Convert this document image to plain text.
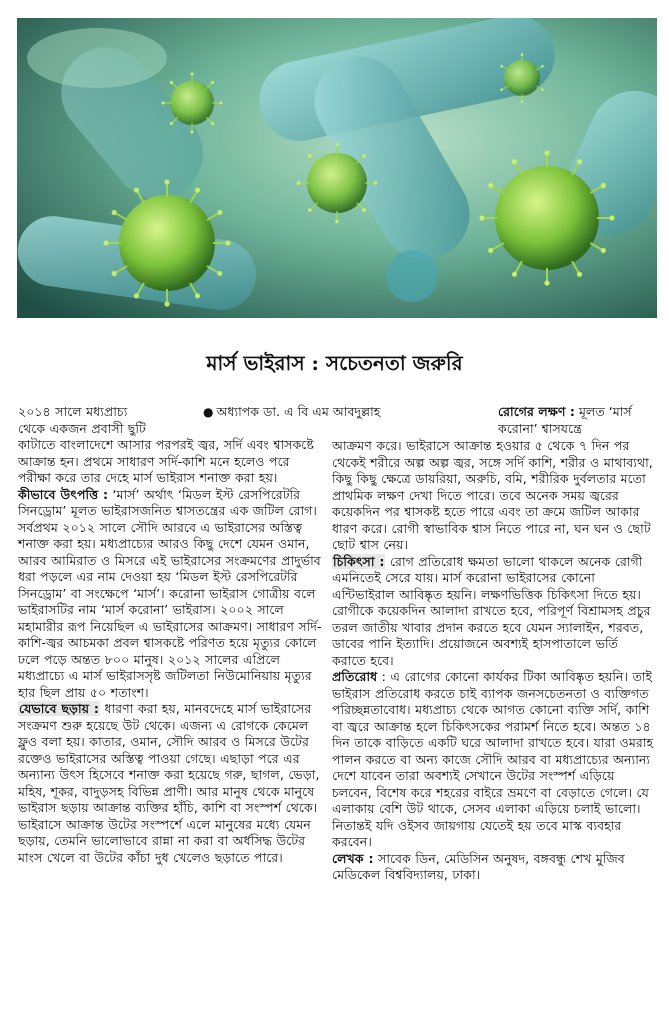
মার্স ভাইরাস : সচেতনতা জরুরি
● অধ্যাপক ডা. এ বি এম আবদুল্লাহ	রোগের লক্ষণ : মূলত ‘মার্স করোনা’ শ্বাসযন্ত্রে
২০১৪ সালে মধ্যপ্রাচ্য
থেকে একজন প্রবাসী ছুটি

কাটাতে বাংলাদেশে আসার পরপরই জ্বর, সর্দি এবং শ্বাসকষ্টে আক্রান্ত হন। প্রথমে সাধারণ সর্দি-কাশি মনে হলেও পরে পরীক্ষা করে তার দেহে মার্স ভাইরাস শনাক্ত করা হয়।

কীভাবে উৎপত্তি : ‘মার্স’ অর্থাৎ ‘মিডল ইস্ট রেসপিরেটরি সিনড্রোম’ মূলত ভাইরাসজনিত শ্বাসতন্ত্রের এক জটিল রোগ। সর্বপ্রথম ২০১২ সালে সৌদি আরবে এ ভাইরাসের অস্তিত্ব শনাক্ত করা হয়। মধ্যপ্রাচ্যের আরও কিছু দেশে যেমন ওমান, আরব আমিরাত ও মিসরে এই ভাইরাসের সংক্রমণের প্রাদুর্ভাব ধরা পড়লে এর নাম দেওয়া হয় ‘মিডল ইস্ট রেসপিরেটরি সিনড্রোম’ বা সংক্ষেপে ‘মার্স’। করোনা ভাইরাস গোত্রীয় বলে ভাইরাসটির নাম ‘মার্স করোনা’ ভাইরাস। ২০০২ সালে মহামারীর রূপ নিয়েছিল এ ভাইরাসের আক্রমণ। সাধারণ সর্দি-কাশি-জ্বর আচমকা প্রবল শ্বাসকষ্টে পরিণত হয়ে মৃত্যুর কোলে ঢলে পড়ে অন্তত ৮০০ মানুষ। ২০১২ সালের এপ্রিলে মধ্যপ্রাচ্যে এ মার্স ভাইরাসসৃষ্ট জটিলতা নিউমোনিয়ায় মৃত্যুর হার ছিল প্রায় ৫০ শতাংশ।

যেভাবে ছড়ায় : ধারণা করা হয়, মানবদেহে মার্স ভাইরাসের সংক্রমণ শুরু হয়েছে উট থেকে। এজন্য এ রোগকে কেমেল ফ্লুও বলা হয়। কাতার, ওমান, সৌদি আরব ও মিসরে উটের রক্তেও ভাইরাসের অস্তিত্ব পাওয়া গেছে। এছাড়া পরে এর অন্যান্য উৎস হিসেবে শনাক্ত করা হয়েছে গরু, ছাগল, ভেড়া, মহিষ, শূকর, বাদুড়সহ বিভিন্ন প্রাণী। আর মানুষ থেকে মানুষে ভাইরাস ছড়ায় আক্রান্ত ব্যক্তির হাঁচি, কাশি বা সংস্পর্শ থেকে। ভাইরাসে আক্রান্ত উটের সংস্পর্শে এলে মানুষের মধ্যে যেমন ছড়ায়, তেমনি ভালোভাবে রান্না না করা বা অর্ধসিদ্ধ উটের মাংস খেলে বা উটের কাঁচা দুধ খেলেও ছড়াতে পারে।

আক্রমণ করে। ভাইরাসে আক্রান্ত হওয়ার ৫ থেকে ৭ দিন পর থেকেই শরীরে অল্প অল্প জ্বর, সঙ্গে সর্দি কাশি, শরীর ও মাথাব্যথা, কিছু কিছু ক্ষেত্রে ডায়রিয়া, অরুচি, বমি, শরীরিক দুর্বলতার মতো প্রাথমিক লক্ষণ দেখা দিতে পারে। তবে অনেক সময় জ্বরের কয়েকদিন পর শ্বাসকষ্ট হতে পারে এবং তা ক্রমে জটিল আকার ধারণ করে। রোগী স্বাভাবিক শ্বাস নিতে পারে না, ঘন ঘন ও ছোট ছোট শ্বাস নেয়।

চিকিৎসা : রোগ প্রতিরোধ ক্ষমতা ভালো থাকলে অনেক রোগী এমনিতেই সেরে যায়। মার্স করোনা ভাইরাসের কোনো এন্টিভাইরাল আবিষ্কৃত হয়নি। লক্ষণভিত্তিক চিকিৎসা দিতে হয়। রোগীকে কয়েকদিন আলাদা রাখতে হবে, পরিপূর্ণ বিশ্রামসহ প্রচুর তরল জাতীয় খাবার প্রদান করতে হবে যেমন স্যালাইন, শরবত, ডাবের পানি ইত্যাদি। প্রয়োজনে অবশ্যই হাসপাতালে ভর্তি করাতে হবে।

প্রতিরোধ : এ রোগের কোনো কার্যকর টিকা আবিষ্কৃত হয়নি। তাই ভাইরাস প্রতিরোধ করতে চাই ব্যাপক জনসচেতনতা ও ব্যক্তিগত পরিচ্ছন্নতাবোধ। মধ্যপ্রাচ্য থেকে আগত কোনো ব্যক্তি সর্দি, কাশি বা জ্বরে আক্রান্ত হলে চিকিৎসকের পরামর্শ নিতে হবে। অন্তত ১৪ দিন তাকে বাড়িতে একটি ঘরে আলাদা রাখতে হবে। যারা ওমরাহ পালন করতে বা অন্য কাজে সৌদি আরব বা মধ্যপ্রাচ্যের অন্যান্য দেশে যাবেন তারা অবশ্যই সেখানে উটের সংস্পর্শ এড়িয়ে চলবেন, বিশেষ করে শহরের বাইরে ভ্রমণে বা বেড়াতে গেলে। যে এলাকায় বেশি উট থাকে, সেসব এলাকা এড়িয়ে চলাই ভালো। নিতান্তই যদি ওইসব জায়গায় যেতেই হয় তবে মাস্ক ব্যবহার করবেন।

লেখক : সাবেক ডিন, মেডিসিন অনুষদ, বঙ্গবন্ধু শেখ মুজিব মেডিকেল বিশ্ববিদ্যালয়, ঢাকা।
